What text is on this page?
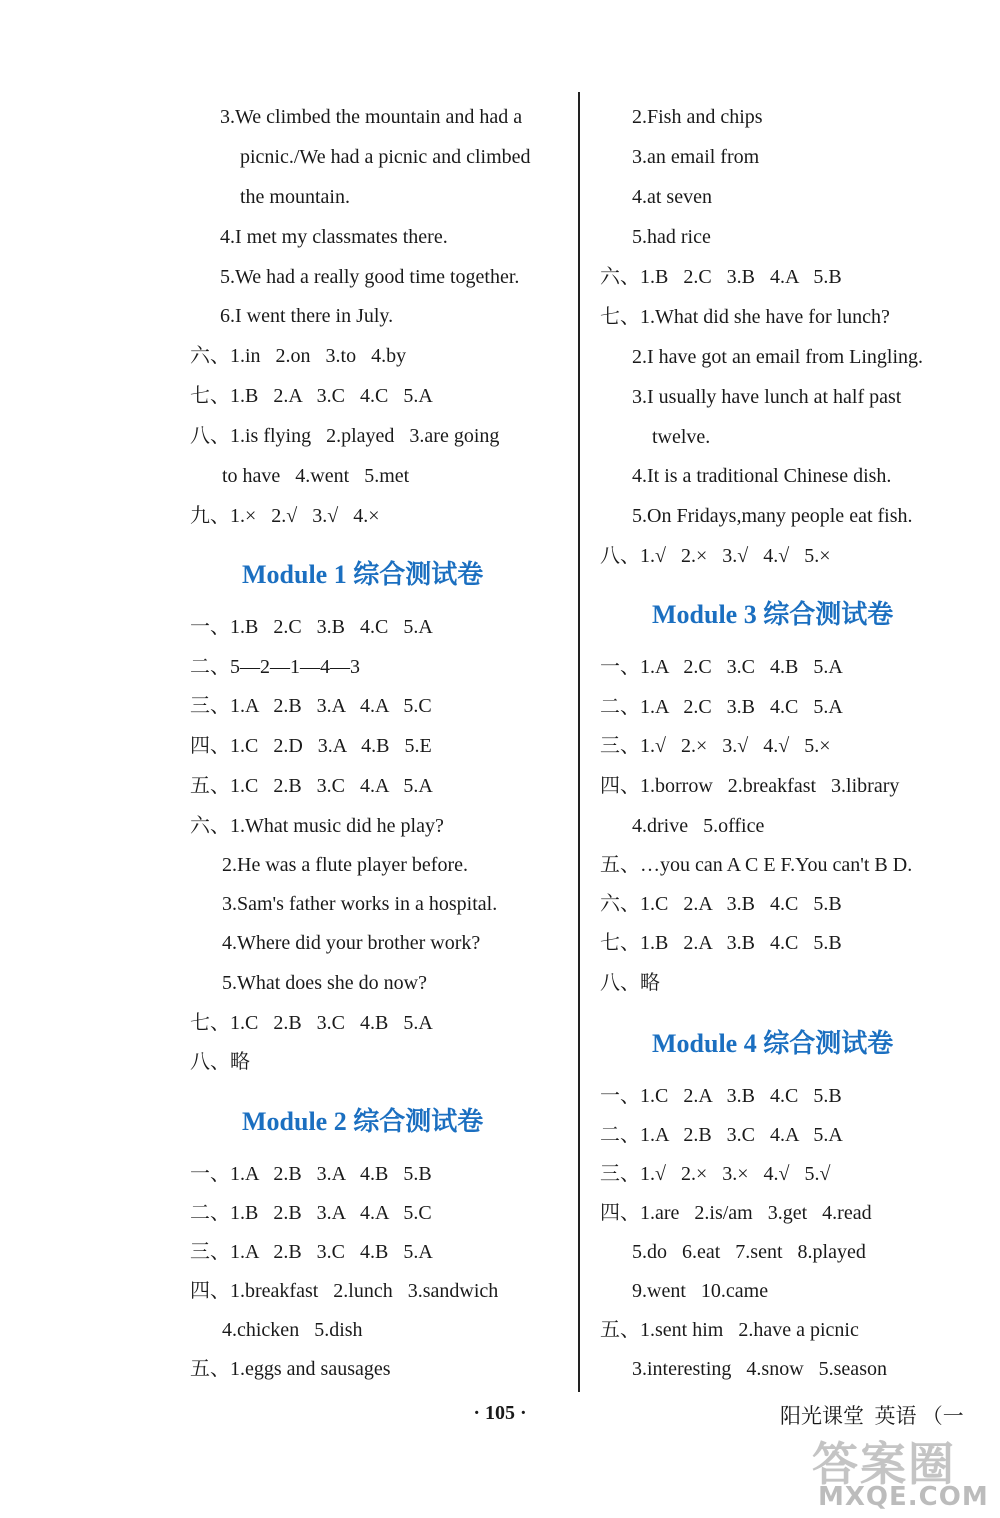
3.We climbed the mountain and had a
picnic./We had a picnic and climbed
the mountain.
4.I met my classmates there.
5.We had a really good time together.
6.I went there in July.
六、1.in   2.on   3.to   4.by
七、1.B   2.A   3.C   4.C   5.A
八、1.is flying   2.played   3.are going
to have   4.went   5.met
九、1.×   2.√   3.√   4.×
Module 1 综合测试卷
一、1.B   2.C   3.B   4.C   5.A
二、5—2—1—4—3
三、1.A   2.B   3.A   4.A   5.C
四、1.C   2.D   3.A   4.B   5.E
五、1.C   2.B   3.C   4.A   5.A
六、1.What music did he play?
2.He was a flute player before.
3.Sam's father works in a hospital.
4.Where did your brother work?
5.What does she do now?
七、1.C   2.B   3.C   4.B   5.A
八、略
Module 2 综合测试卷
一、1.A   2.B   3.A   4.B   5.B
二、1.B   2.B   3.A   4.A   5.C
三、1.A   2.B   3.C   4.B   5.A
四、1.breakfast   2.lunch   3.sandwich
4.chicken   5.dish
五、1.eggs and sausages
2.Fish and chips
3.an email from
4.at seven
5.had rice
六、1.B   2.C   3.B   4.A   5.B
七、1.What did she have for lunch?
2.I have got an email from Lingling.
3.I usually have lunch at half past
twelve.
4.It is a traditional Chinese dish.
5.On Fridays,many people eat fish.
八、1.√   2.×   3.√   4.√   5.×
Module 3 综合测试卷
一、1.A   2.C   3.C   4.B   5.A
二、1.A   2.C   3.B   4.C   5.A
三、1.√   2.×   3.√   4.√   5.×
四、1.borrow   2.breakfast   3.library
4.drive   5.office
五、…you can A C E F.You can't B D.
六、1.C   2.A   3.B   4.C   5.B
七、1.B   2.A   3.B   4.C   5.B
八、略
Module 4 综合测试卷
一、1.C   2.A   3.B   4.C   5.B
二、1.A   2.B   3.C   4.A   5.A
三、1.√   2.×   3.×   4.√   5.√
四、1.are   2.is/am   3.get   4.read
5.do   6.eat   7.sent   8.played
9.went   10.came
五、1.sent him   2.have a picnic
3.interesting   4.snow   5.season
· 105 ·	阳光课堂  英语 （一
答案圈
MXQE.COM
